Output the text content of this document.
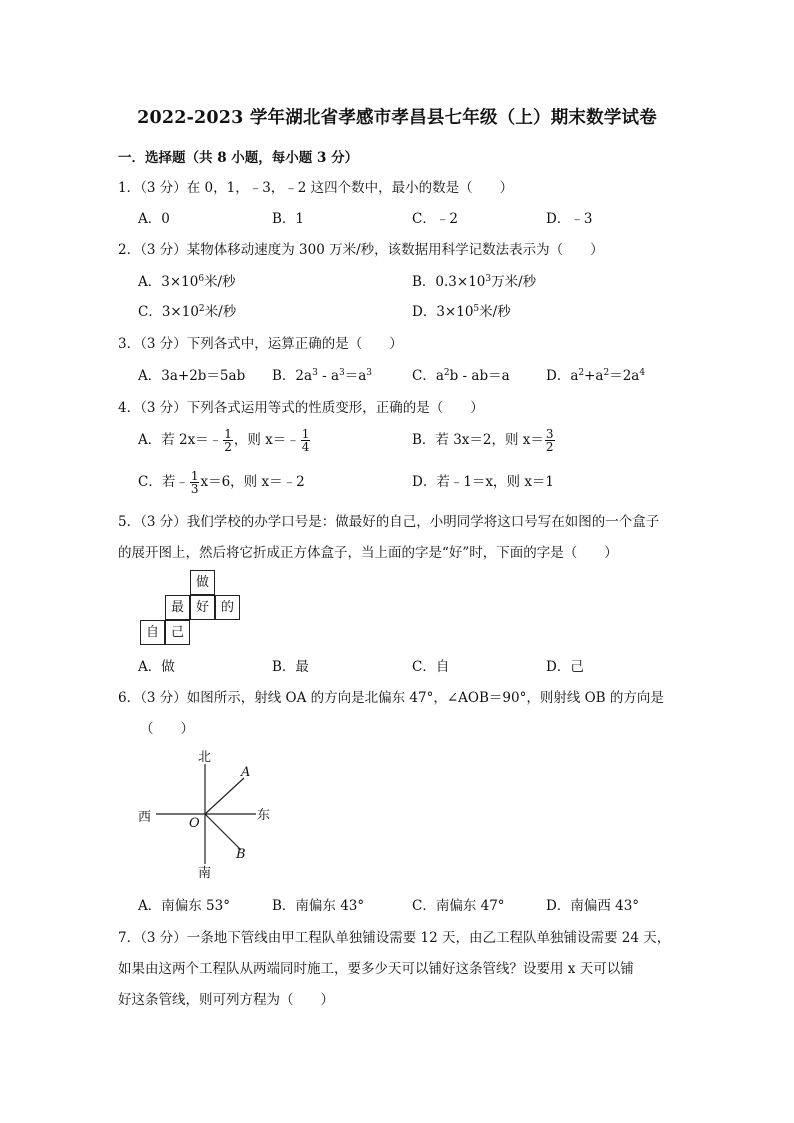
2022-2023 学年湖北省孝感市孝昌县七年级（上）期末数学试卷
一．选择题（共 8 小题，每小题 3 分）
1．（3 分）在 0，1，﹣3，﹣2 这四个数中，最小的数是（　　）
A．0	B．1	C．﹣2	D．﹣3
2．（3 分）某物体移动速度为 300 万米/秒，该数据用科学记数法表示为（　　）
A．$3\times 10^6$米/秒	B．$0.3\times 10^3$万米/秒
C．$3\times 10^2$米/秒	D．$3\times 10^5$米/秒
3．（3 分）下列各式中，运算正确的是（　　）
A．3a+2b＝5ab B．$2a^3 - a^3=a^3$	C．$a^2b - ab=a$	D．$a^2+a^2=2a^4$
4．（3 分）下列各式运用等式的性质变形，正确的是（　　）
A．若 2x＝﹣ $\frac{1}{2}$ ，则 x＝﹣ $\frac{1}{4}$	B．若 3x＝2，则 $x= \frac{3}{2}$
C．若﹣ $\frac{1}{3} x=6$，则 x＝﹣2	D．若﹣1＝x，则 x＝1
5．（3 分）我们学校的办学口号是：做最好的自己，小明同学将这口号写在如图的一个盒子
的展开图上，然后将它折成正方体盒子，当上面的字是“好”时，下面的字是（　　）
做
最 好 的
自 己
A．做	B．最	C．自	D．己
6．（3 分）如图所示，射线 OA 的方向是北偏东 47°，∠AOB＝90°，则射线 OB 的方向是
（　　）
北
南
西	东
O
A
B
A．南偏东 53°	B．南偏东 43°	C．南偏东 47°	D．南偏西 43°
7．（3 分）一条地下管线由甲工程队单独铺设需要 12 天，由乙工程队单独铺设需要 24 天，
如果由这两个工程队从两端同时施工，要多少天可以铺好这条管线？设要用 x 天可以铺
好这条管线，则可列方程为（　　）
